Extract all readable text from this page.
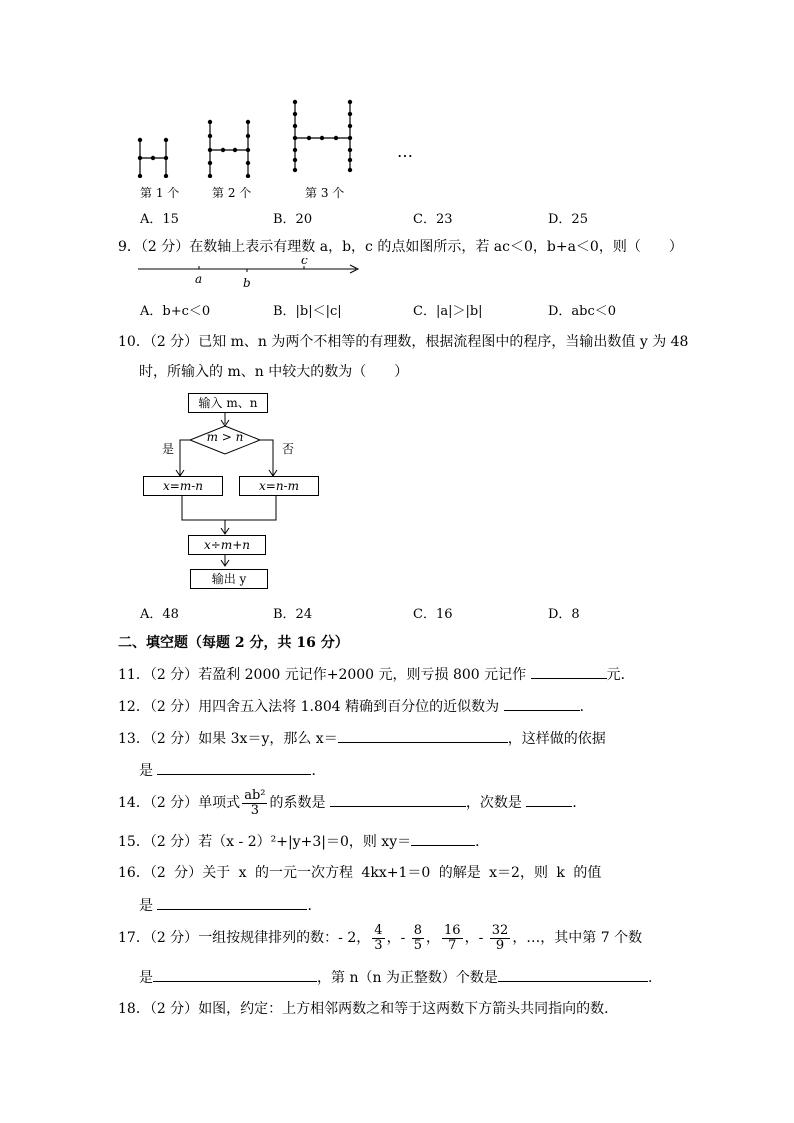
…
第 1 个	第 2 个	第 3 个
A．15	B．20	C．23	D．25
9．（2 分）在数轴上表示有理数 a，b，c 的点如图所示，若 ac＜0，b+a＜0，则（　　）
a	b
c
A．b+c＜0	B．|b|＜|c|	C．|a|＞|b|	D．abc＜0
10．（2 分）已知 m、n 为两个不相等的有理数，根据流程图中的程序，当输出数值 y 为 48
时，所输入的 m、n 中较大的数为（　　）
输入 m、n
m > n
是	否
x=m-n	x=n-m
x÷m+n
输出 y
A．48	B．24	C．16	D．8
二、填空题（每题 2 分，共 16 分）
11．（2 分）若盈利 2000 元记作+2000 元，则亏损 800 元记作	元．
12．（2 分）用四舍五入法将 1.804 精确到百分位的近似数为	．
13．（2 分）如果 3x＝y，那么 x＝	，这样做的依据
是	．
14．（2 分）单项式 $\frac{\text{ab²}}{3}$ 的系数是	，次数是	．
15．（2 分）若（x - 2）²+|y+3|＝0，则 xy＝	．
16．（2 分）关于 x 的一元一次方程 4kx+1＝0 的解是 x＝2，则 k 的值
是	．
17．（2 分）一组按规律排列的数：- 2， $\frac{4}{3}$ ，- $\frac{8}{5}$ ， $\frac{16}{7}$ ，- $\frac{32}{9}$ ，…，其中第 7 个数
是	，第 n（n 为正整数）个数是	．
18．（2 分）如图，约定：上方相邻两数之和等于这两数下方箭头共同指向的数．
